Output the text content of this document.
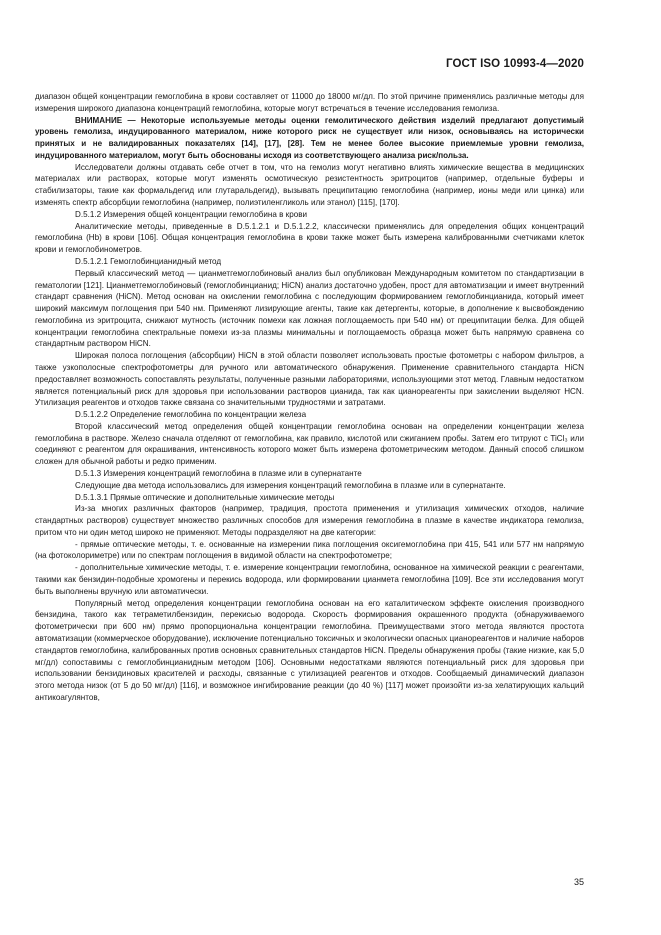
ГОСТ ISO 10993-4—2020

диапазон общей концентрации гемоглобина в крови составляет от 11000 до 18000 мг/дл. По этой причине применялись различные методы для измерения широкого диапазона концентраций гемоглобина, которые могут встречаться в течение исследования гемолиза.

ВНИМАНИЕ — Некоторые используемые методы оценки гемолитического действия изделий предлагают допустимый уровень гемолиза, индуцированного материалом, ниже которого риск не существует или низок, основываясь на исторически принятых и не валидированных показателях [14], [17], [28]. Тем не менее более высокие приемлемые уровни гемолиза, индуцированного материалом, могут быть обоснованы исходя из соответствующего анализа риск/польза.

Исследователи должны отдавать себе отчет в том, что на гемолиз могут негативно влиять химические вещества в медицинских материалах или растворах, которые могут изменять осмотическую резистентность эритроцитов (например, отдельные буферы и стабилизаторы, такие как формальдегид или глутаральдегид), вызывать преципитацию гемоглобина (например, ионы меди или цинка) или изменять спектр абсорбции гемоглобина (например, полиэтиленгликоль или этанол) [115], [170].

D.5.1.2 Измерения общей концентрации гемоглобина в крови

Аналитические методы, приведенные в D.5.1.2.1 и D.5.1.2.2, классически применялись для определения общих концентраций гемоглобина (Hb) в крови [106]. Общая концентрация гемоглобина в крови также может быть измерена калиброванными счетчиками клеток крови и гемоглобинометров.

D.5.1.2.1 Гемоглобинцианидный метод

Первый классический метод — цианметгемоглобиновый анализ был опубликован Международным комитетом по стандартизации в гематологии [121]. Цианметгемоглобиновый (гемоглобинцианид; HiCN) анализ достаточно удобен, прост для автоматизации и имеет внутренний стандарт сравнения (HiCN). Метод основан на окислении гемоглобина с последующим формированием гемоглобинцианида, который имеет широкий максимум поглощения при 540 нм. Применяют лизирующие агенты, такие как детергенты, которые, в дополнение к высвобождению гемоглобина из эритроцита, снижают мутность (источник помехи как ложная поглощаемость при 540 нм) от преципитации белка. Для общей концентрации гемоглобина спектральные помехи из-за плазмы минимальны и поглощаемость образца может быть напрямую сравнена со стандартным раствором HiCN.

Широкая полоса поглощения (абсорбции) HiCN в этой области позволяет использовать простые фотометры с набором фильтров, а также узкополосные спектрофотометры для ручного или автоматического обнаружения. Применение сравнительного стандарта HiCN предоставляет возможность сопоставлять результаты, полученные разными лабораториями, использующими этот метод. Главным недостатком является потенциальный риск для здоровья при использовании растворов цианида, так как цианореагенты при закислении выделяют HCN. Утилизация реагентов и отходов также связана со значительными трудностями и затратами.

D.5.1.2.2 Определение гемоглобина по концентрации железа

Второй классический метод определения общей концентрации гемоглобина основан на определении концентрации железа гемоглобина в растворе. Железо сначала отделяют от гемоглобина, как правило, кислотой или сжиганием пробы. Затем его титруют с TiCl₃ или соединяют с реагентом для окрашивания, интенсивность которого может быть измерена фотометрическим методом. Данный способ слишком сложен для обычной работы и редко применим.

D.5.1.3 Измерения концентраций гемоглобина в плазме или в супернатанте

Следующие два метода использовались для измерения концентраций гемоглобина в плазме или в супернатанте.

D.5.1.3.1 Прямые оптические и дополнительные химические методы

Из-за многих различных факторов (например, традиция, простота применения и утилизация химических отходов, наличие стандартных растворов) существует множество различных способов для измерения гемоглобина в плазме в качестве индикатора гемолиза, притом что ни один метод широко не применяют. Методы подразделяют на две категории:

- прямые оптические методы, т. е. основанные на измерении пика поглощения оксигемоглобина при 415, 541 или 577 нм напрямую (на фотоколориметре) или по спектрам поглощения в видимой области на спектрофотометре;

- дополнительные химические методы, т. е. измерение концентрации гемоглобина, основанное на химической реакции с реагентами, такими как бензидин-подобные хромогены и перекись водорода, или формировании цианмета гемоглобина [109]. Все эти исследования могут быть выполнены вручную или автоматически.

Популярный метод определения концентрации гемоглобина основан на его каталитическом эффекте окисления производного бензидина, такого как тетраметилбензидин, перекисью водорода. Скорость формирования окрашенного продукта (обнаруживаемого фотометрически при 600 нм) прямо пропорциональна концентрации гемоглобина. Преимуществами этого метода являются простота автоматизации (коммерческое оборудование), исключение потенциально токсичных и экологически опасных цианореагентов и наличие наборов стандартов гемоглобина, калиброванных против основных сравнительных стандартов HiCN. Пределы обнаружения пробы (такие низкие, как 5,0 мг/дл) сопоставимы с гемоглобинцианидным методом [106]. Основными недостатками являются потенциальный риск для здоровья при использовании бензидиновых красителей и расходы, связанные с утилизацией реагентов и отходов. Сообщаемый динамический диапазон этого метода низок (от 5 до 50 мг/дл) [116], и возможное ингибирование реакции (до 40 %) [117] может произойти из-за хелатирующих кальций антикоагулянтов,

35
